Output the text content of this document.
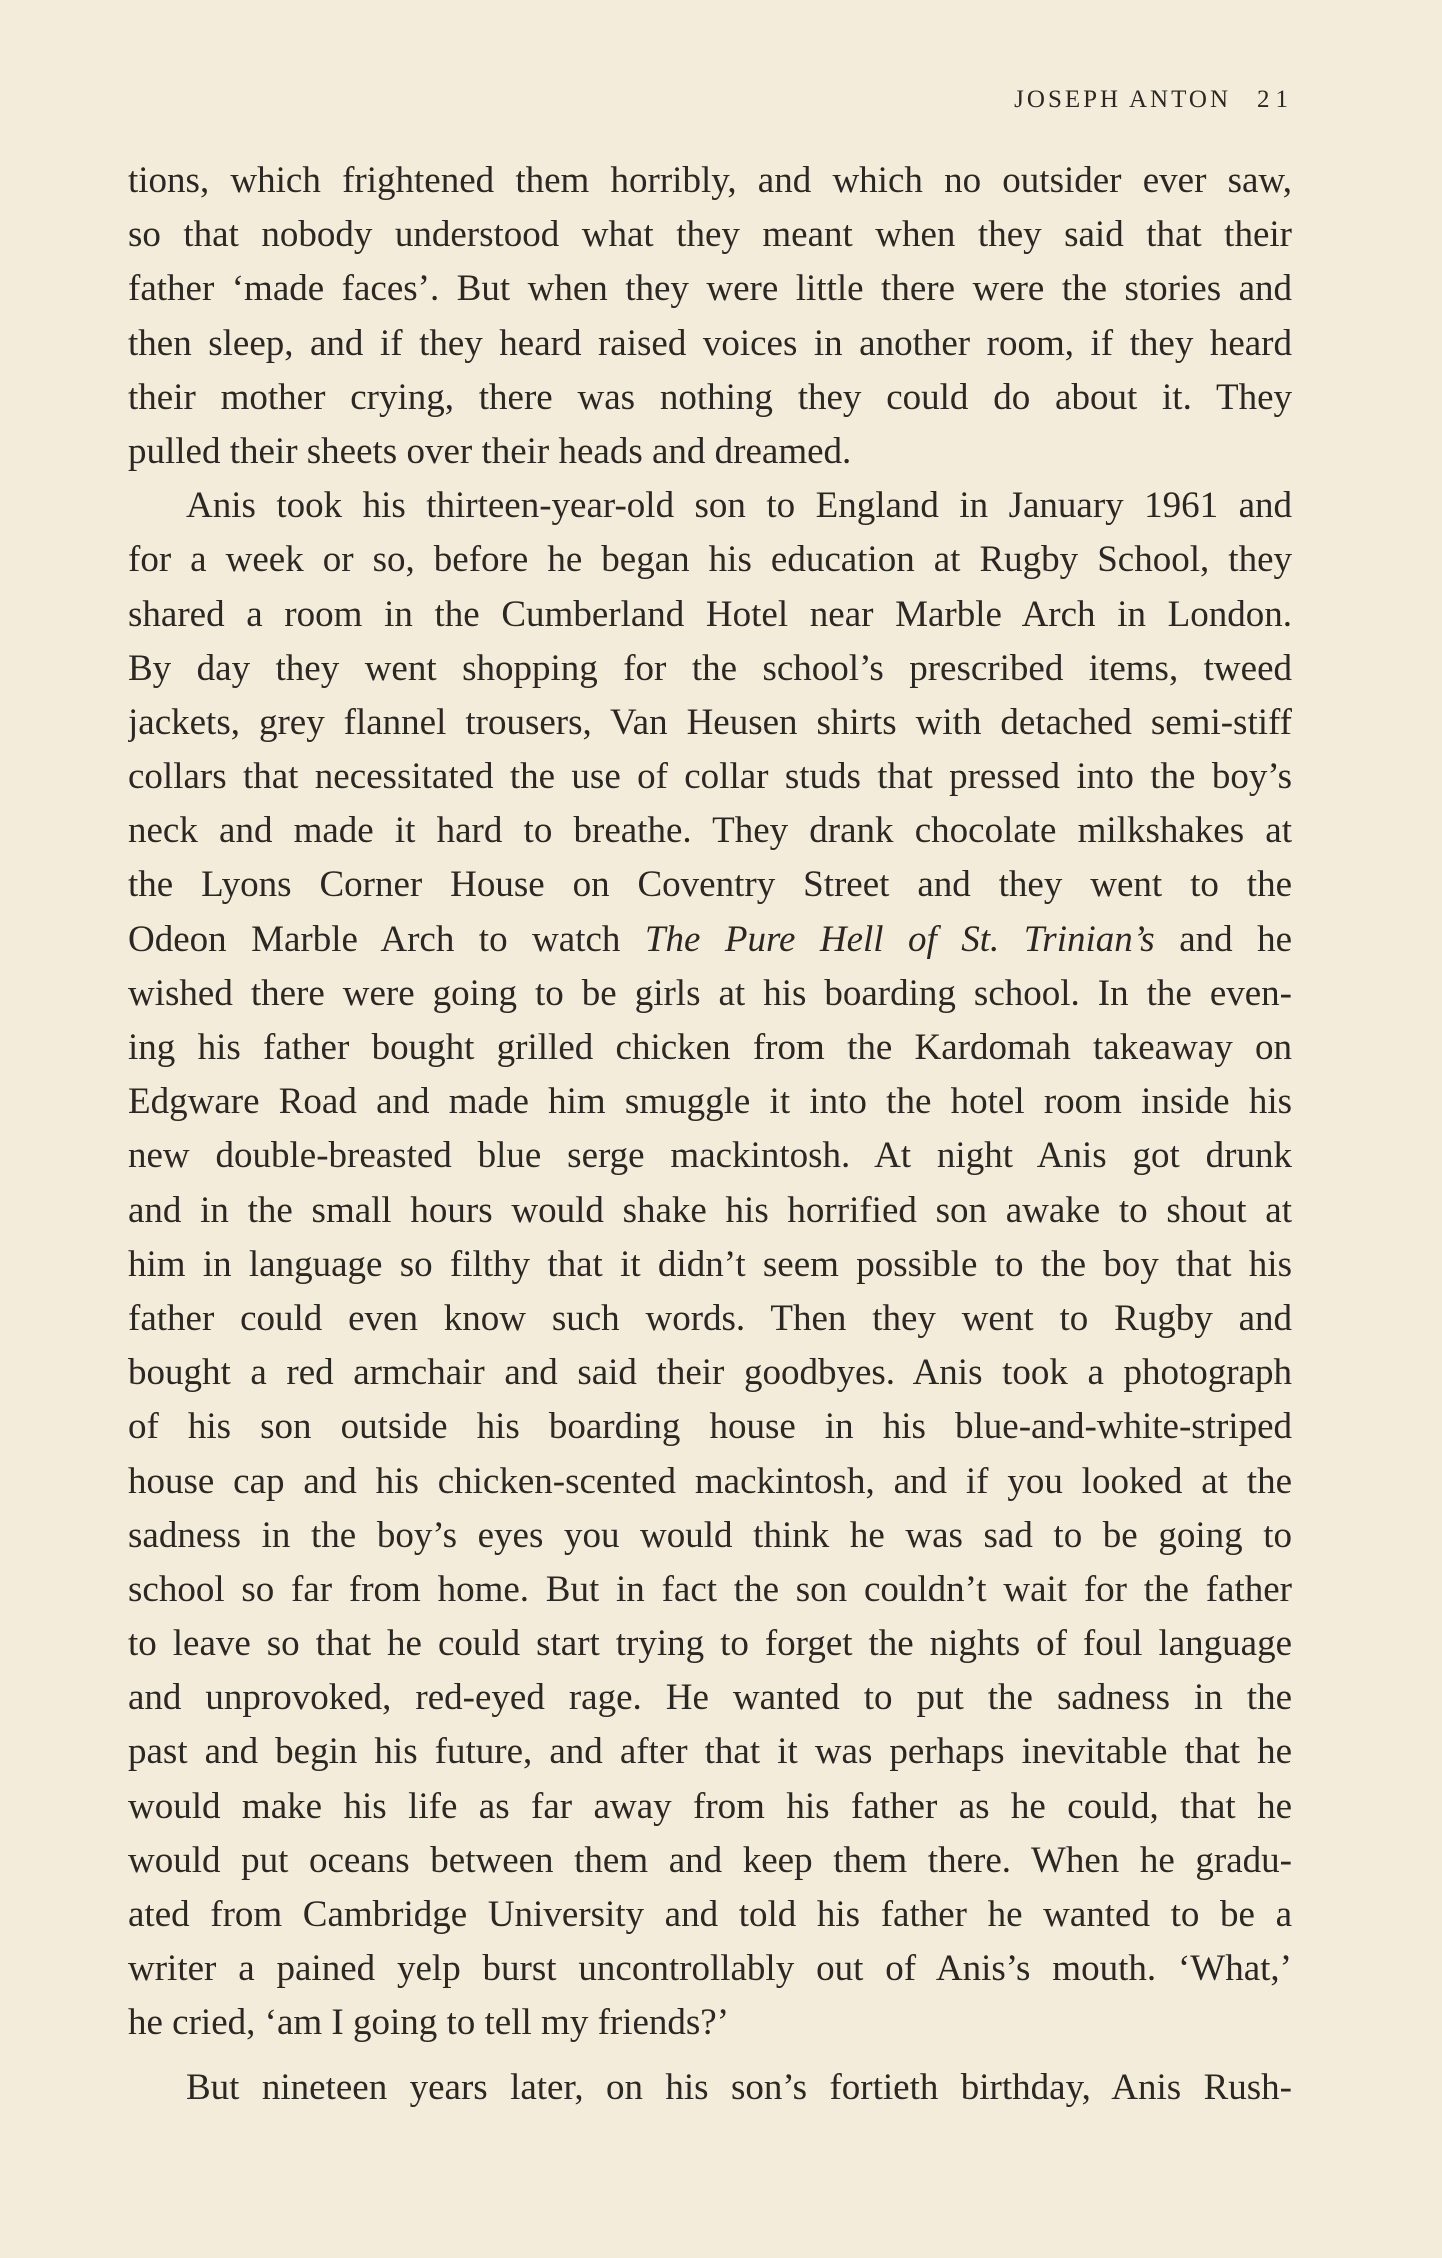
JOSEPH ANTON 21
tions, which frightened them horribly, and which no outsider ever saw,
so that nobody understood what they meant when they said that their
father ‘made faces’. But when they were little there were the stories and
then sleep, and if they heard raised voices in another room, if they heard
their mother crying, there was nothing they could do about it. They
pulled their sheets over their heads and dreamed.
Anis took his thirteen-year-old son to England in January 1961 and
for a week or so, before he began his education at Rugby School, they
shared a room in the Cumberland Hotel near Marble Arch in London.
By day they went shopping for the school’s prescribed items, tweed
jackets, grey flannel trousers, Van Heusen shirts with detached semi-stiff
collars that necessitated the use of collar studs that pressed into the boy’s
neck and made it hard to breathe. They drank chocolate milkshakes at
the Lyons Corner House on Coventry Street and they went to the
Odeon Marble Arch to watch The Pure Hell of St. Trinian’s and he
wished there were going to be girls at his boarding school. In the even-
ing his father bought grilled chicken from the Kardomah takeaway on
Edgware Road and made him smuggle it into the hotel room inside his
new double-breasted blue serge mackintosh. At night Anis got drunk
and in the small hours would shake his horrified son awake to shout at
him in language so filthy that it didn’t seem possible to the boy that his
father could even know such words. Then they went to Rugby and
bought a red armchair and said their goodbyes. Anis took a photograph
of his son outside his boarding house in his blue-and-white-striped
house cap and his chicken-scented mackintosh, and if you looked at the
sadness in the boy’s eyes you would think he was sad to be going to
school so far from home. But in fact the son couldn’t wait for the father
to leave so that he could start trying to forget the nights of foul language
and unprovoked, red-eyed rage. He wanted to put the sadness in the
past and begin his future, and after that it was perhaps inevitable that he
would make his life as far away from his father as he could, that he
would put oceans between them and keep them there. When he gradu-
ated from Cambridge University and told his father he wanted to be a
writer a pained yelp burst uncontrollably out of Anis’s mouth. ‘What,’
he cried, ‘am I going to tell my friends?’
But nineteen years later, on his son’s fortieth birthday, Anis Rush-
